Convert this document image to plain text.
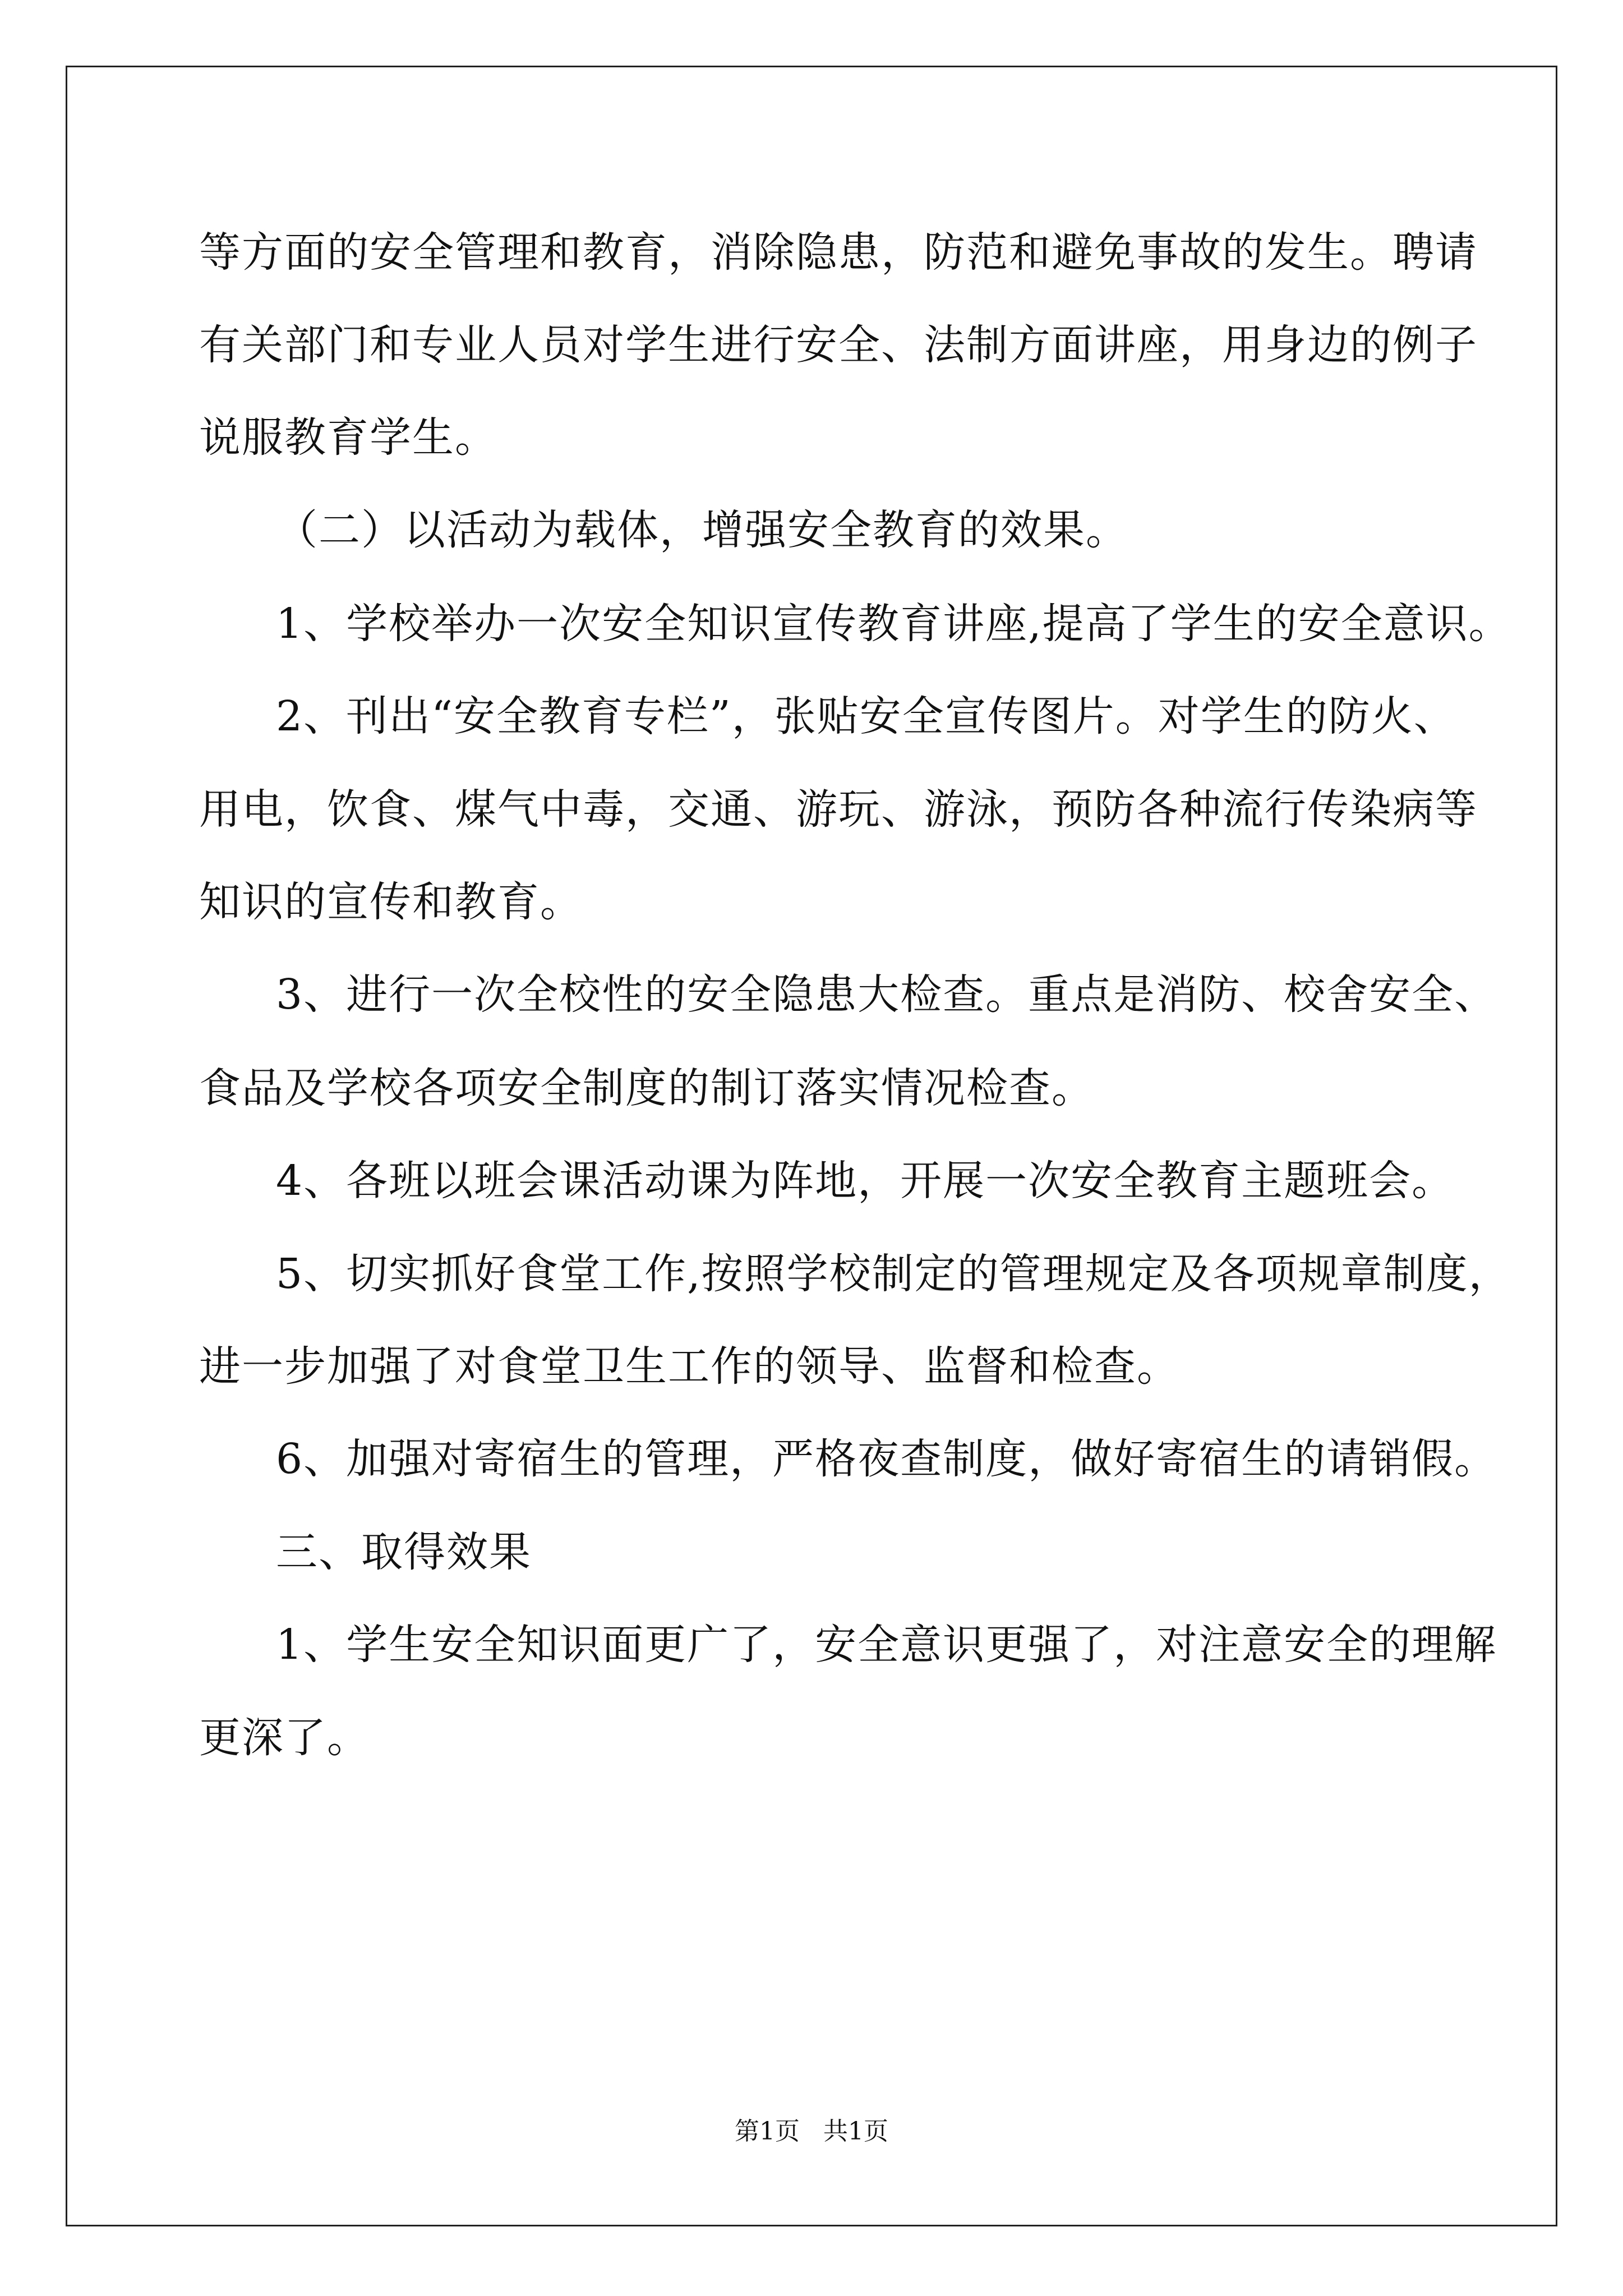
等方面的安全管理和教育，消除隐患，防范和避免事故的发生。聘请
有关部门和专业人员对学生进行安全、法制方面讲座，用身边的例子
说服教育学生。
（二）以活动为载体，增强安全教育的效果。
1、学校举办一次安全知识宣传教育讲座,提高了学生的安全意识。
2、刊出“安全教育专栏”，张贴安全宣传图片。对学生的防火、
用电，饮食、煤气中毒，交通、游玩、游泳，预防各种流行传染病等
知识的宣传和教育。
3、进行一次全校性的安全隐患大检查。重点是消防、校舍安全、
食品及学校各项安全制度的制订落实情况检查。
4、各班以班会课活动课为阵地，开展一次安全教育主题班会。
5、切实抓好食堂工作,按照学校制定的管理规定及各项规章制度，
进一步加强了对食堂卫生工作的领导、监督和检查。
6、加强对寄宿生的管理，严格夜查制度，做好寄宿生的请销假。
三、取得效果
1、学生安全知识面更广了，安全意识更强了，对注意安全的理解
更深了。
第1页   共1页
